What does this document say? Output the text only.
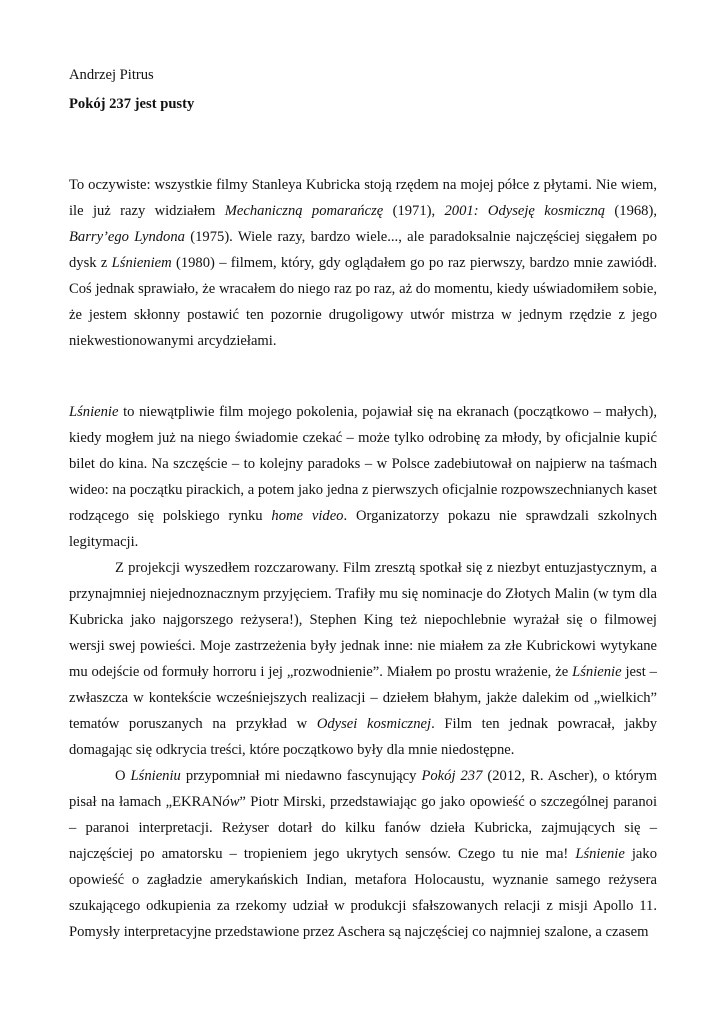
Andrzej Pitrus

Pokój 237 jest pusty

To oczywiste: wszystkie filmy Stanleya Kubricka stoją rzędem na mojej półce z płytami. Nie wiem, ile już razy widziałem Mechaniczną pomarańczę (1971), 2001: Odyseję kosmiczną (1968), Barry’ego Lyndona (1975). Wiele razy, bardzo wiele..., ale paradoksalnie najczęściej sięgałem po dysk z Lśnieniem (1980) – filmem, który, gdy oglądałem go po raz pierwszy, bardzo mnie zawiódł. Coś jednak sprawiało, że wracałem do niego raz po raz, aż do momentu, kiedy uświadomiłem sobie, że jestem skłonny postawić ten pozornie drugoligowy utwór mistrza w jednym rzędzie z jego niekwestionowanymi arcydziełami.

Lśnienie to niewątpliwie film mojego pokolenia, pojawiał się na ekranach (początkowo – małych), kiedy mogłem już na niego świadomie czekać – może tylko odrobinę za młody, by oficjalnie kupić bilet do kina. Na szczęście – to kolejny paradoks – w Polsce zadebiutował on najpierw na taśmach wideo: na początku pirackich, a potem jako jedna z pierwszych oficjalnie rozpowszechnianych kaset rodzącego się polskiego rynku home video. Organizatorzy pokazu nie sprawdzali szkolnych legitymacji.

Z projekcji wyszedłem rozczarowany. Film zresztą spotkał się z niezbyt entuzjastycznym, a przynajmniej niejednoznacznym przyjęciem. Trafiły mu się nominacje do Złotych Malin (w tym dla Kubricka jako najgorszego reżysera!), Stephen King też niepochlebnie wyrażał się o filmowej wersji swej powieści. Moje zastrzeżenia były jednak inne: nie miałem za złe Kubrickowi wytykane mu odejście od formuły horroru i jej „rozwodnienie”. Miałem po prostu wrażenie, że Lśnienie jest – zwłaszcza w kontekście wcześniejszych realizacji – dziełem błahym, jakże dalekim od „wielkich” tematów poruszanych na przykład w Odysei kosmicznej. Film ten jednak powracał, jakby domagając się odkrycia treści, które początkowo były dla mnie niedostępne.

O Lśnieniu przypomniał mi niedawno fascynujący Pokój 237 (2012, R. Ascher), o którym pisał na łamach „EKRANów” Piotr Mirski, przedstawiając go jako opowieść o szczególnej paranoi – paranoi interpretacji. Reżyser dotarł do kilku fanów dzieła Kubricka, zajmujących się – najczęściej po amatorsku – tropieniem jego ukrytych sensów. Czego tu nie ma! Lśnienie jako opowieść o zagładzie amerykańskich Indian, metafora Holocaustu, wyznanie samego reżysera szukającego odkupienia za rzekomy udział w produkcji sfałszowanych relacji z misji Apollo 11. Pomysły interpretacyjne przedstawione przez Aschera są najczęściej co najmniej szalone, a czasem
